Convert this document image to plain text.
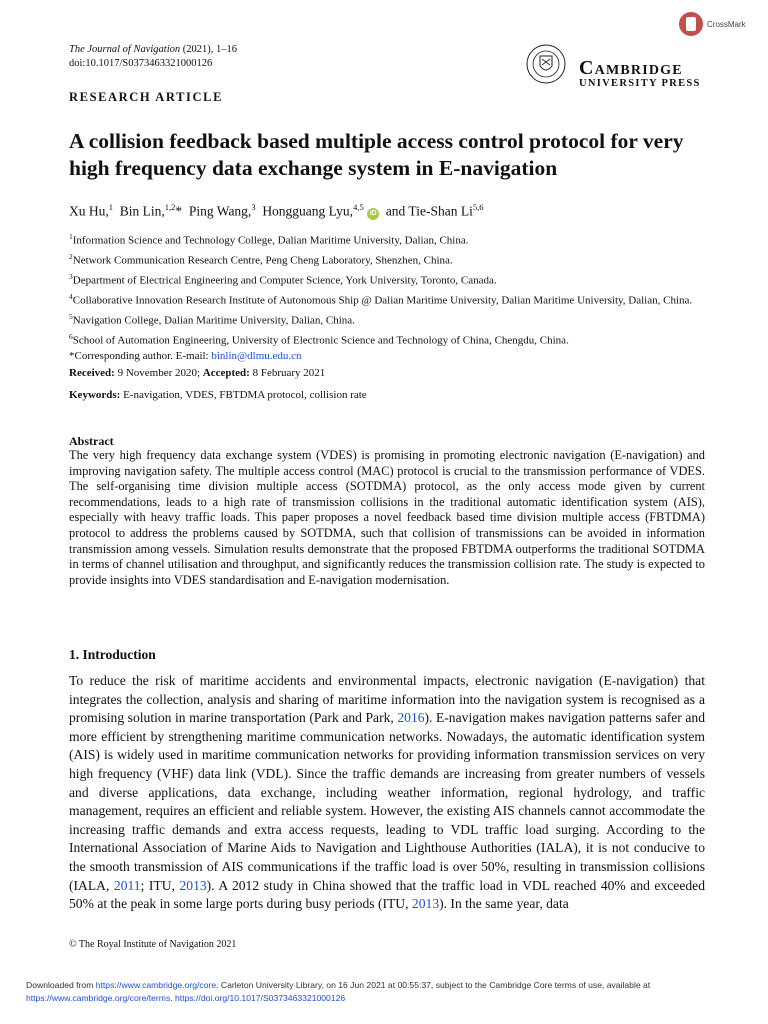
CrossMark
The Journal of Navigation (2021), 1–16
doi:10.1017/S0373463321000126
RESEARCH ARTICLE
Cambridge
UNIVERSITY PRESS
A collision feedback based multiple access control protocol for very high frequency data exchange system in E-navigation
Xu Hu,$^1$ Bin Lin,$^{1,2}$* Ping Wang,$^3$ Hongguang Lyu,$^{4,5}$ iD and Tie-Shan Li$^{5,6}$
$^1$Information Science and Technology College, Dalian Maritime University, Dalian, China.
$^2$Network Communication Research Centre, Peng Cheng Laboratory, Shenzhen, China.
$^3$Department of Electrical Engineering and Computer Science, York University, Toronto, Canada.
$^4$Collaborative Innovation Research Institute of Autonomous Ship @ Dalian Maritime University, Dalian Maritime University, Dalian, China.
$^5$Navigation College, Dalian Maritime University, Dalian, China.
$^6$School of Automation Engineering, University of Electronic Science and Technology of China, Chengdu, China.
*Corresponding author. E-mail: binlin@dlmu.edu.cn
Received: 9 November 2020; Accepted: 8 February 2021
Keywords: E-navigation, VDES, FBTDMA protocol, collision rate
Abstract
The very high frequency data exchange system (VDES) is promising in promoting electronic navigation (E-navigation) and improving navigation safety. The multiple access control (MAC) protocol is crucial to the transmission performance of VDES. The self-organising time division multiple access (SOTDMA) protocol, as the only access mode given by current recommendations, leads to a high rate of transmission collisions in the traditional automatic identification system (AIS), especially with heavy traffic loads. This paper proposes a novel feedback based time division multiple access (FBTDMA) protocol to address the problems caused by SOTDMA, such that collision of transmissions can be avoided in information transmission among vessels. Simulation results demonstrate that the proposed FBTDMA outperforms the traditional SOTDMA in terms of channel utilisation and throughput, and significantly reduces the transmission collision rate. The study is expected to provide insights into VDES standardisation and E-navigation modernisation.
1. Introduction
To reduce the risk of maritime accidents and environmental impacts, electronic navigation (E-navigation) that integrates the collection, analysis and sharing of maritime information into the navigation system is recognised as a promising solution in marine transportation (Park and Park, 2016). E-navigation makes navigation patterns safer and more efficient by strengthening maritime communication networks. Nowadays, the automatic identification system (AIS) is widely used in maritime communication networks for providing information transmission services on very high frequency (VHF) data link (VDL). Since the traffic demands are increasing from greater numbers of vessels and diverse applications, data exchange, including weather information, regional hydrology, and traffic management, requires an efficient and reliable system. However, the existing AIS channels cannot accommodate the increasing traffic demands and extra access requests, leading to VDL traffic load surging. According to the International Association of Marine Aids to Navigation and Lighthouse Authorities (IALA), it is not conducive to the smooth transmission of AIS communications if the traffic load is over 50%, resulting in transmission collisions (IALA, 2011; ITU, 2013). A 2012 study in China showed that the traffic load in VDL reached 40% and exceeded 50% at the peak in some large ports during busy periods (ITU, 2013). In the same year, data
© The Royal Institute of Navigation 2021
Downloaded from https://www.cambridge.org/core. Carleton University Library, on 16 Jun 2021 at 00:55:37, subject to the Cambridge Core terms of use, available at https://www.cambridge.org/core/terms. https://doi.org/10.1017/S0373463321000126
